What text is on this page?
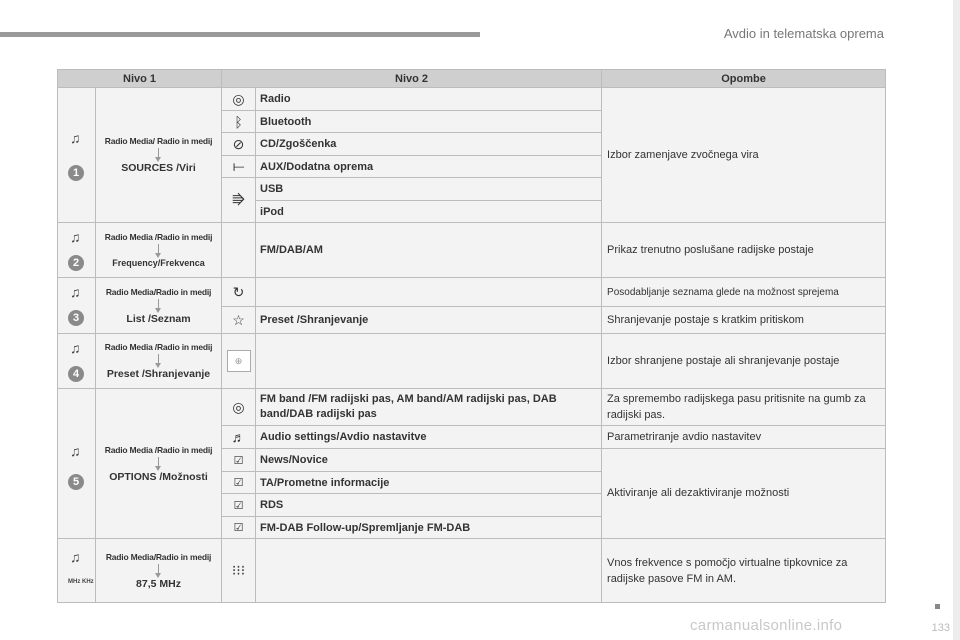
Avdio in telematska oprema
133
carmanualsonline.info
Nivo 1		Nivo 2		Opombe

♫
1	Radio Media/ Radio in medij
SOURCES /Viri	◎	Radio	Izbor zamenjave zvočnega vira
		ᛒ	Bluetooth	
		⊘	CD/Zgoščenka	
		⟝	AUX/Dodatna oprema	
		⭆	USB	
			iPod	

♫
2	Radio Media /Radio in medij
Frequency/Frekvenca		FM/DAB/AM	Prikaz trenutno poslušane radijske postaje

♫
3	Radio Media/Radio in medij
List /Seznam	↻		Posodabljanje seznama glede na možnost sprejema
		☆	Preset /Shranjevanje	Shranjevanje postaje s kratkim pritiskom

♫
4	Radio Media /Radio in medij
Preset /Shranjevanje	⊕		Izbor shranjene postaje ali shranjevanje postaje

♫
5	Radio Media /Radio in medij
OPTIONS /Možnosti	◎	FM band /FM radijski pas, AM band/AM radijski pas, DAB band/DAB radijski pas	Za spremembo radijskega pasu pritisnite na gumb za radijski pas.
		♬	Audio settings/Avdio nastavitve	Parametriranje avdio nastavitev
		☑	News/Novice	Aktiviranje ali dezaktiviranje možnosti
		☑	TA/Prometne informacije	
		☑	RDS	
		☑	FM-DAB Follow-up/Spremljanje FM-DAB	

♫
MHz KHz	Radio Media/Radio in medij
87,5 MHz	⁝⁝⁝		Vnos frekvence s pomočjo virtualne tipkovnice za radijske pasove FM in AM.
